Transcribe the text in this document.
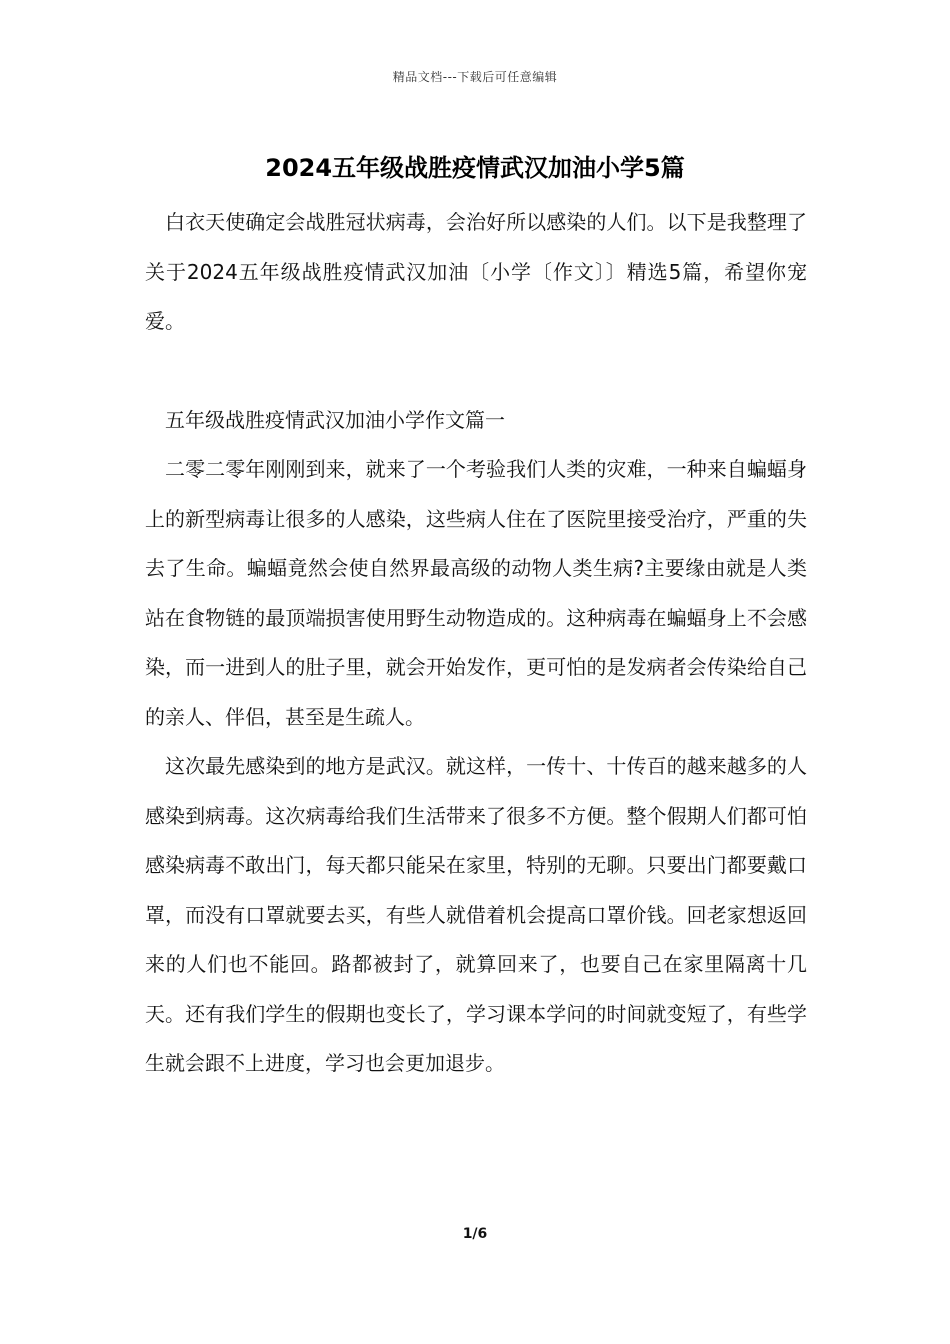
精品文档---下载后可任意编辑
2024五年级战胜疫情武汉加油小学5篇

白衣天使确定会战胜冠状病毒，会治好所以感染的人们。以下是我整理了关于2024五年级战胜疫情武汉加油〔小学〔作文〕〕精选5篇，希望你宠爱。

五年级战胜疫情武汉加油小学作文篇一

二零二零年刚刚到来，就来了一个考验我们人类的灾难，一种来自蝙蝠身上的新型病毒让很多的人感染，这些病人住在了医院里接受治疗，严重的失去了生命。蝙蝠竟然会使自然界最高级的动物人类生病?主要缘由就是人类站在食物链的最顶端损害使用野生动物造成的。这种病毒在蝙蝠身上不会感染，而一进到人的肚子里，就会开始发作，更可怕的是发病者会传染给自己的亲人、伴侣，甚至是生疏人。

这次最先感染到的地方是武汉。就这样，一传十、十传百的越来越多的人感染到病毒。这次病毒给我们生活带来了很多不方便。整个假期人们都可怕感染病毒不敢出门，每天都只能呆在家里，特别的无聊。只要出门都要戴口罩，而没有口罩就要去买，有些人就借着机会提高口罩价钱。回老家想返回来的人们也不能回。路都被封了，就算回来了，也要自己在家里隔离十几天。还有我们学生的假期也变长了，学习课本学问的时间就变短了，有些学生就会跟不上进度，学习也会更加退步。

1/6
